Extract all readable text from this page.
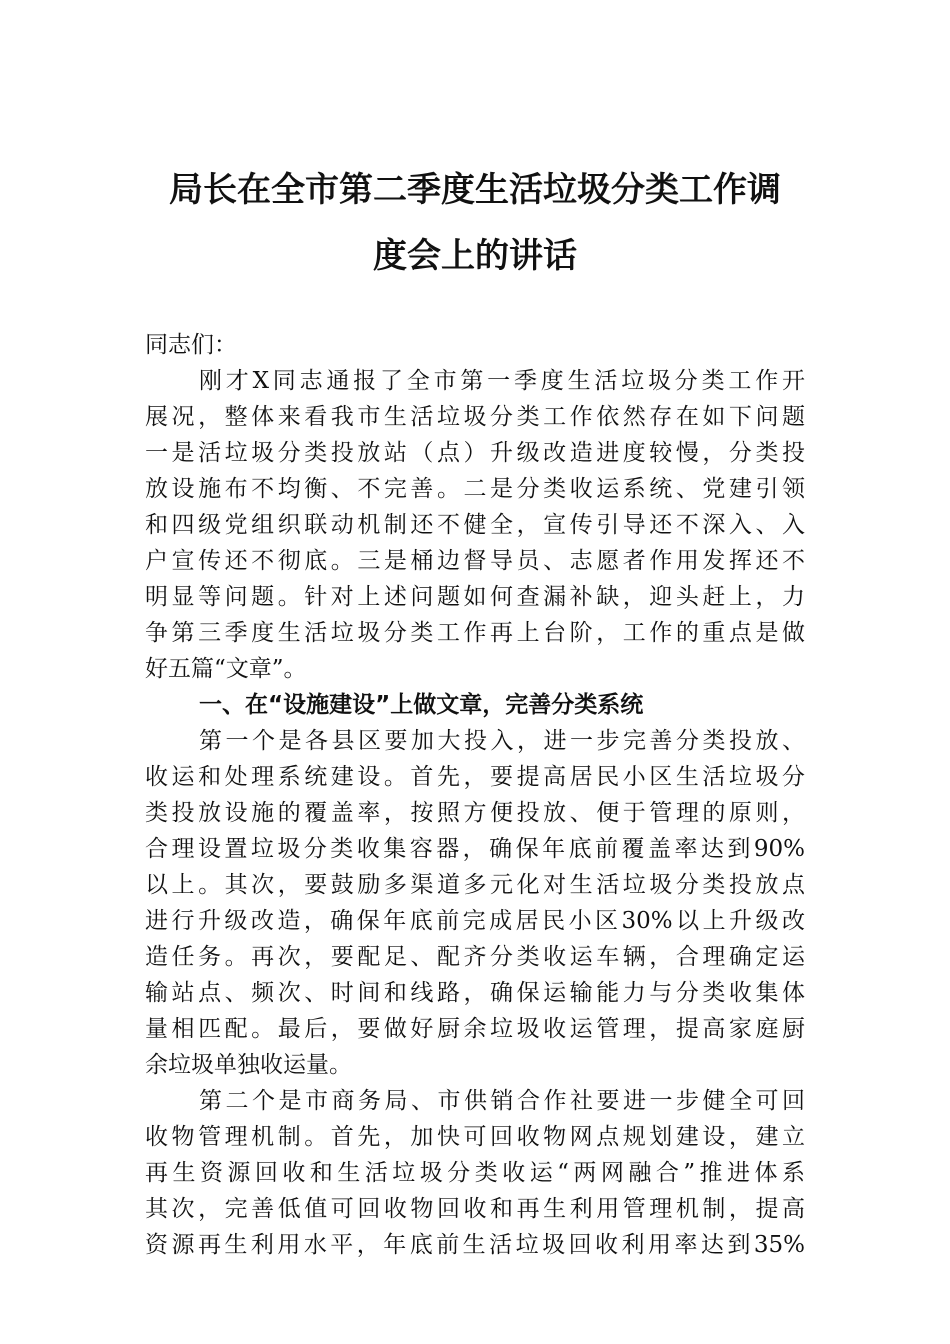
局长在全市第二季度生活垃圾分类工作调
度会上的讲话
同志们：
刚才X同志通报了全市第一季度生活垃圾分类工作开
展况，整体来看我市生活垃圾分类工作依然存在如下问题
一是活垃圾分类投放站（点）升级改造进度较慢，分类投
放设施布不均衡、不完善。二是分类收运系统、党建引领
和四级党组织联动机制还不健全，宣传引导还不深入、入
户宣传还不彻底。三是桶边督导员、志愿者作用发挥还不
明显等问题。针对上述问题如何查漏补缺，迎头赶上，力
争第三季度生活垃圾分类工作再上台阶，工作的重点是做
好五篇“文章”。
一、在“设施建设”上做文章，完善分类系统
第一个是各县区要加大投入，进一步完善分类投放、
收运和处理系统建设。首先，要提高居民小区生活垃圾分
类投放设施的覆盖率，按照方便投放、便于管理的原则，
合理设置垃圾分类收集容器，确保年底前覆盖率达到90%
以上。其次，要鼓励多渠道多元化对生活垃圾分类投放点
进行升级改造，确保年底前完成居民小区30%以上升级改
造任务。再次，要配足、配齐分类收运车辆，合理确定运
输站点、频次、时间和线路，确保运输能力与分类收集体
量相匹配。最后，要做好厨余垃圾收运管理，提高家庭厨
余垃圾单独收运量。
第二个是市商务局、市供销合作社要进一步健全可回
收物管理机制。首先，加快可回收物网点规划建设，建立
再生资源回收和生活垃圾分类收运“两网融合”推进体系
其次，完善低值可回收物回收和再生利用管理机制，提高
资源再生利用水平，年底前生活垃圾回收利用率达到35%
